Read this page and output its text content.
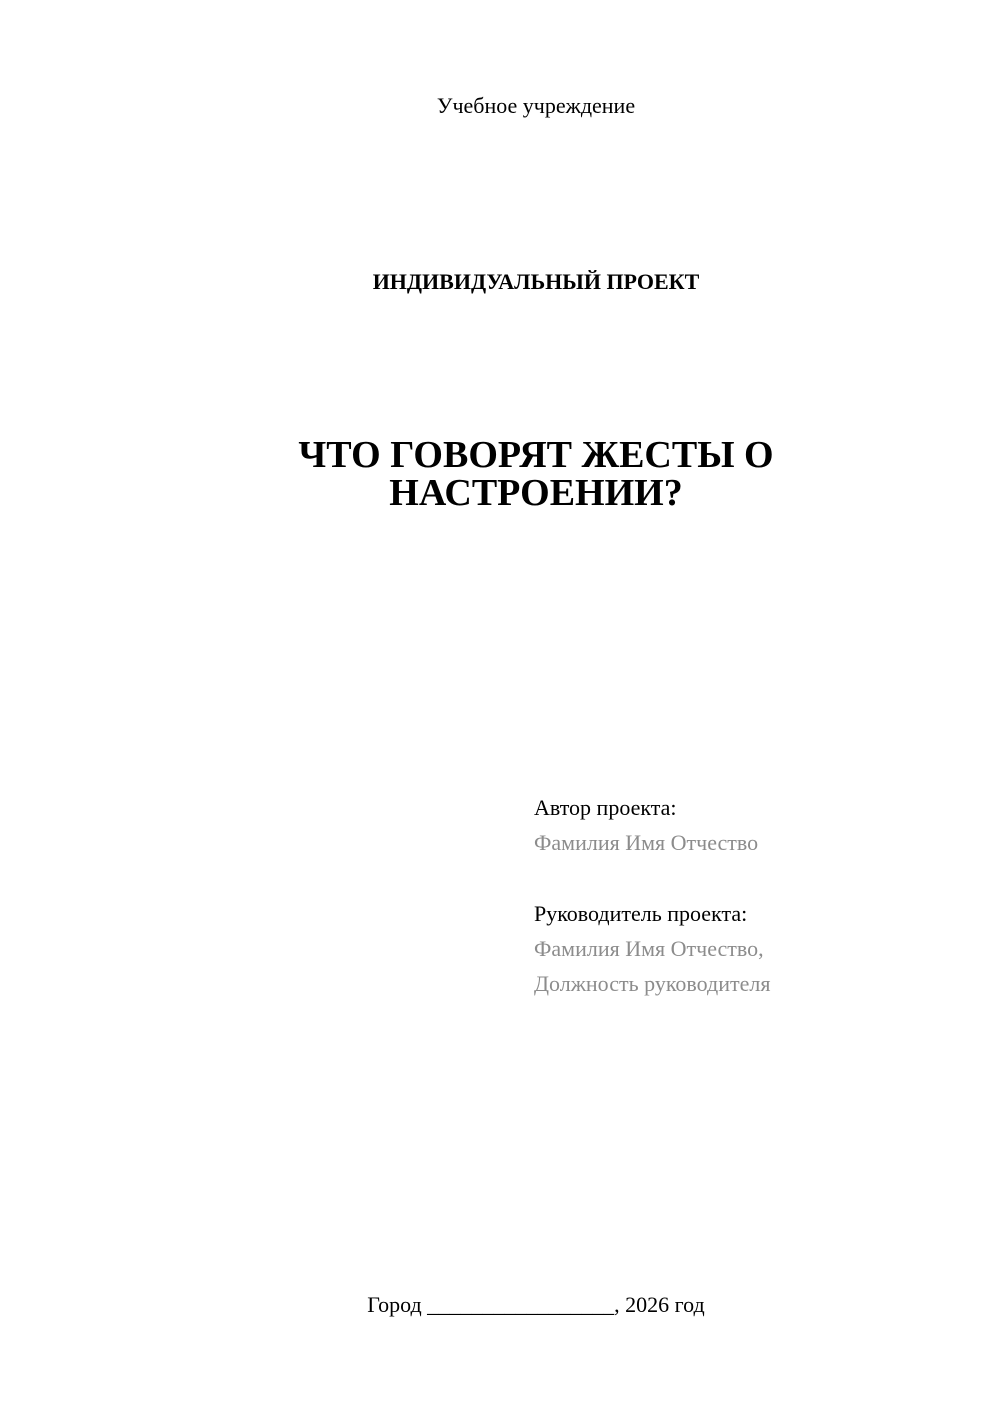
Учебное учреждение

ИНДИВИДУАЛЬНЫЙ ПРОЕКТ

ЧТО ГОВОРЯТ ЖЕСТЫ О
НАСТРОЕНИИ?
Автор проекта:
Фамилия Имя Отчество
Руководитель проекта:
Фамилия Имя Отчество,
Должность руководителя

Город _________________, 2026 год
